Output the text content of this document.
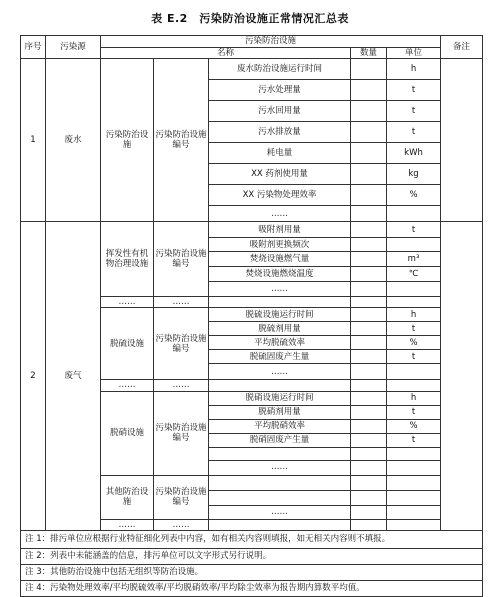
表 E.2　污染防治设施正常情况汇总表
序号	污染源	污染防治设施					备注
		名称			数量	单位	
1	废水	污染防治设施	污染防治设施编号	废水防治设施运行时间		h	
				污水处理量		t	
				污水回用量		t	
				污水排放量		t	
				耗电量		kWh	
				XX 药剂使用量		kg	
				XX 污染物处理效率		%	
				……			
2	废气	挥发性有机物治理设施	污染防治设施编号	吸附剂用量		t	
				吸附剂更换频次			
				焚烧设施燃气量		m³	
				焚烧设施燃烧温度		℃	
				……			
		……	……				
		脱硫设施	污染防治设施编号	脱硫设施运行时间		h	
				脱硫剂用量		t	
				平均脱硫效率		%	
				脱硫固废产生量		t	
				……			
		……	……				
		脱硝设施	污染防治设施编号	脱硝设施运行时间		h	
				脱硝剂用量		t	
				平均脱硝效率		%	
				脱硝固废产生量		t	

				……			
		其他防治设施	污染防治设施编号				

				……			
		……	……				
注 1：排污单位应根据行业特征细化列表中内容，如有相关内容则填报，如无相关内容则不填报。							
注 2：列表中未能涵盖的信息，排污单位可以文字形式另行说明。							
注 3：其他防治设施中包括无组织等防治设施。							
注 4：污染物处理效率/平均脱硫效率/平均脱硝效率/平均除尘效率为报告期内算数平均值。							
